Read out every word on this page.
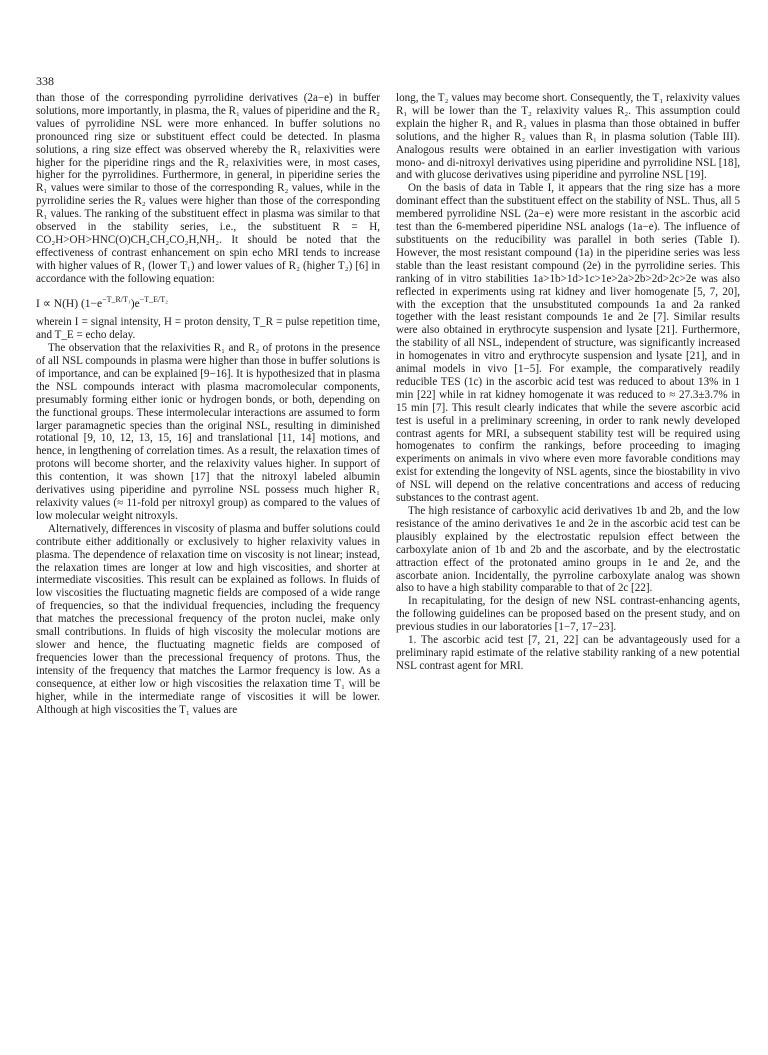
338

than those of the corresponding pyrrolidine derivatives (2a−e) in buffer solutions, more importantly, in plasma, the R₁ values of piperidine and the R₂ values of pyrrolidine NSL were more enhanced. In buffer solutions no pronounced ring size or substituent effect could be detected. In plasma solutions, a ring size effect was observed whereby the R₁ relaxivities were higher for the piperidine rings and the R₂ relaxivities were, in most cases, higher for the pyrrolidines. Furthermore, in general, in piperidine series the R₁ values were similar to those of the corresponding R₂ values, while in the pyrrolidine series the R₂ values were higher than those of the corresponding R₁ values. The ranking of the substituent effect in plasma was similar to that observed in the stability series, i.e., the substituent R = H, CO₂H>OH>HNC(O)CH₂CH₂CO₂H,NH₂. It should be noted that the effectiveness of contrast enhancement on spin echo MRI tends to increase with higher values of R₁ (lower T₁) and lower values of R₂ (higher T₂) [6] in accordance with the following equation:

I ∝ N(H) $(1-e^{-T\_R/T_1})e^{-T\_E/T_2}$

wherein I = signal intensity, H = proton density, T_R = pulse repetition time, and T_E = echo delay.

The observation that the relaxivities R₁ and R₂ of protons in the presence of all NSL compounds in plasma were higher than those in buffer solutions is of importance, and can be explained [9−16]. It is hypothesized that in plasma the NSL compounds interact with plasma macromolecular components, presumably forming either ionic or hydrogen bonds, or both, depending on the functional groups. These intermolecular interactions are assumed to form larger paramagnetic species than the original NSL, resulting in diminished rotational [9, 10, 12, 13, 15, 16] and translational [11, 14] motions, and hence, in lengthening of correlation times. As a result, the relaxation times of protons will become shorter, and the relaxivity values higher. In support of this contention, it was shown [17] that the nitroxyl labeled albumin derivatives using piperidine and pyrroline NSL possess much higher R₁ relaxivity values (≈ 11-fold per nitroxyl group) as compared to the values of low molecular weight nitroxyls.

Alternatively, differences in viscosity of plasma and buffer solutions could contribute either additionally or exclusively to higher relaxivity values in plasma. The dependence of relaxation time on viscosity is not linear; instead, the relaxation times are longer at low and high viscosities, and shorter at intermediate viscosities. This result can be explained as follows. In fluids of low viscosities the fluctuating magnetic fields are composed of a wide range of frequencies, so that the individual frequencies, including the frequency that matches the precessional frequency of the proton nuclei, make only small contributions. In fluids of high viscosity the molecular motions are slower and hence, the fluctuating magnetic fields are composed of frequencies lower than the precessional frequency of protons. Thus, the intensity of the frequency that matches the Larmor frequency is low. As a consequence, at either low or high viscosities the relaxation time T₁ will be higher, while in the intermediate range of viscosities it will be lower. Although at high viscosities the T₁ values are

long, the T₂ values may become short. Consequently, the T₁ relaxivity values R₁ will be lower than the T₂ relaxivity values R₂. This assumption could explain the higher R₁ and R₂ values in plasma than those obtained in buffer solutions, and the higher R₂ values than R₁ in plasma solution (Table III). Analogous results were obtained in an earlier investigation with various mono- and di-nitroxyl derivatives using piperidine and pyrrolidine NSL [18], and with glucose derivatives using piperidine and pyrroline NSL [19].

On the basis of data in Table I, it appears that the ring size has a more dominant effect than the substituent effect on the stability of NSL. Thus, all 5 membered pyrrolidine NSL (2a−e) were more resistant in the ascorbic acid test than the 6-membered piperidine NSL analogs (1a−e). The influence of substituents on the reducibility was parallel in both series (Table I). However, the most resistant compound (1a) in the piperidine series was less stable than the least resistant compound (2e) in the pyrrolidine series. This ranking of in vitro stabilities 1a>1b>1d>1c>1e>2a>2b>2d>2c>2e was also reflected in experiments using rat kidney and liver homogenate [5, 7, 20], with the exception that the unsubstituted compounds 1a and 2a ranked together with the least resistant compounds 1e and 2e [7]. Similar results were also obtained in erythrocyte suspension and lysate [21]. Furthermore, the stability of all NSL, independent of structure, was significantly increased in homogenates in vitro and erythrocyte suspension and lysate [21], and in animal models in vivo [1−5]. For example, the comparatively readily reducible TES (1c) in the ascorbic acid test was reduced to about 13% in 1 min [22] while in rat kidney homogenate it was reduced to ≈ 27.3±3.7% in 15 min [7]. This result clearly indicates that while the severe ascorbic acid test is useful in a preliminary screening, in order to rank newly developed contrast agents for MRI, a subsequent stability test will be required using homogenates to confirm the rankings, before proceeding to imaging experiments on animals in vivo where even more favorable conditions may exist for extending the longevity of NSL agents, since the biostability in vivo of NSL will depend on the relative concentrations and access of reducing substances to the contrast agent.

The high resistance of carboxylic acid derivatives 1b and 2b, and the low resistance of the amino derivatives 1e and 2e in the ascorbic acid test can be plausibly explained by the electrostatic repulsion effect between the carboxylate anion of 1b and 2b and the ascorbate, and by the electrostatic attraction effect of the protonated amino groups in 1e and 2e, and the ascorbate anion. Incidentally, the pyrroline carboxylate analog was shown also to have a high stability comparable to that of 2c [22].

In recapitulating, for the design of new NSL contrast-enhancing agents, the following guidelines can be proposed based on the present study, and on previous studies in our laboratories [1−7, 17−23].

1. The ascorbic acid test [7, 21, 22] can be advantageously used for a preliminary rapid estimate of the relative stability ranking of a new potential NSL contrast agent for MRI.
